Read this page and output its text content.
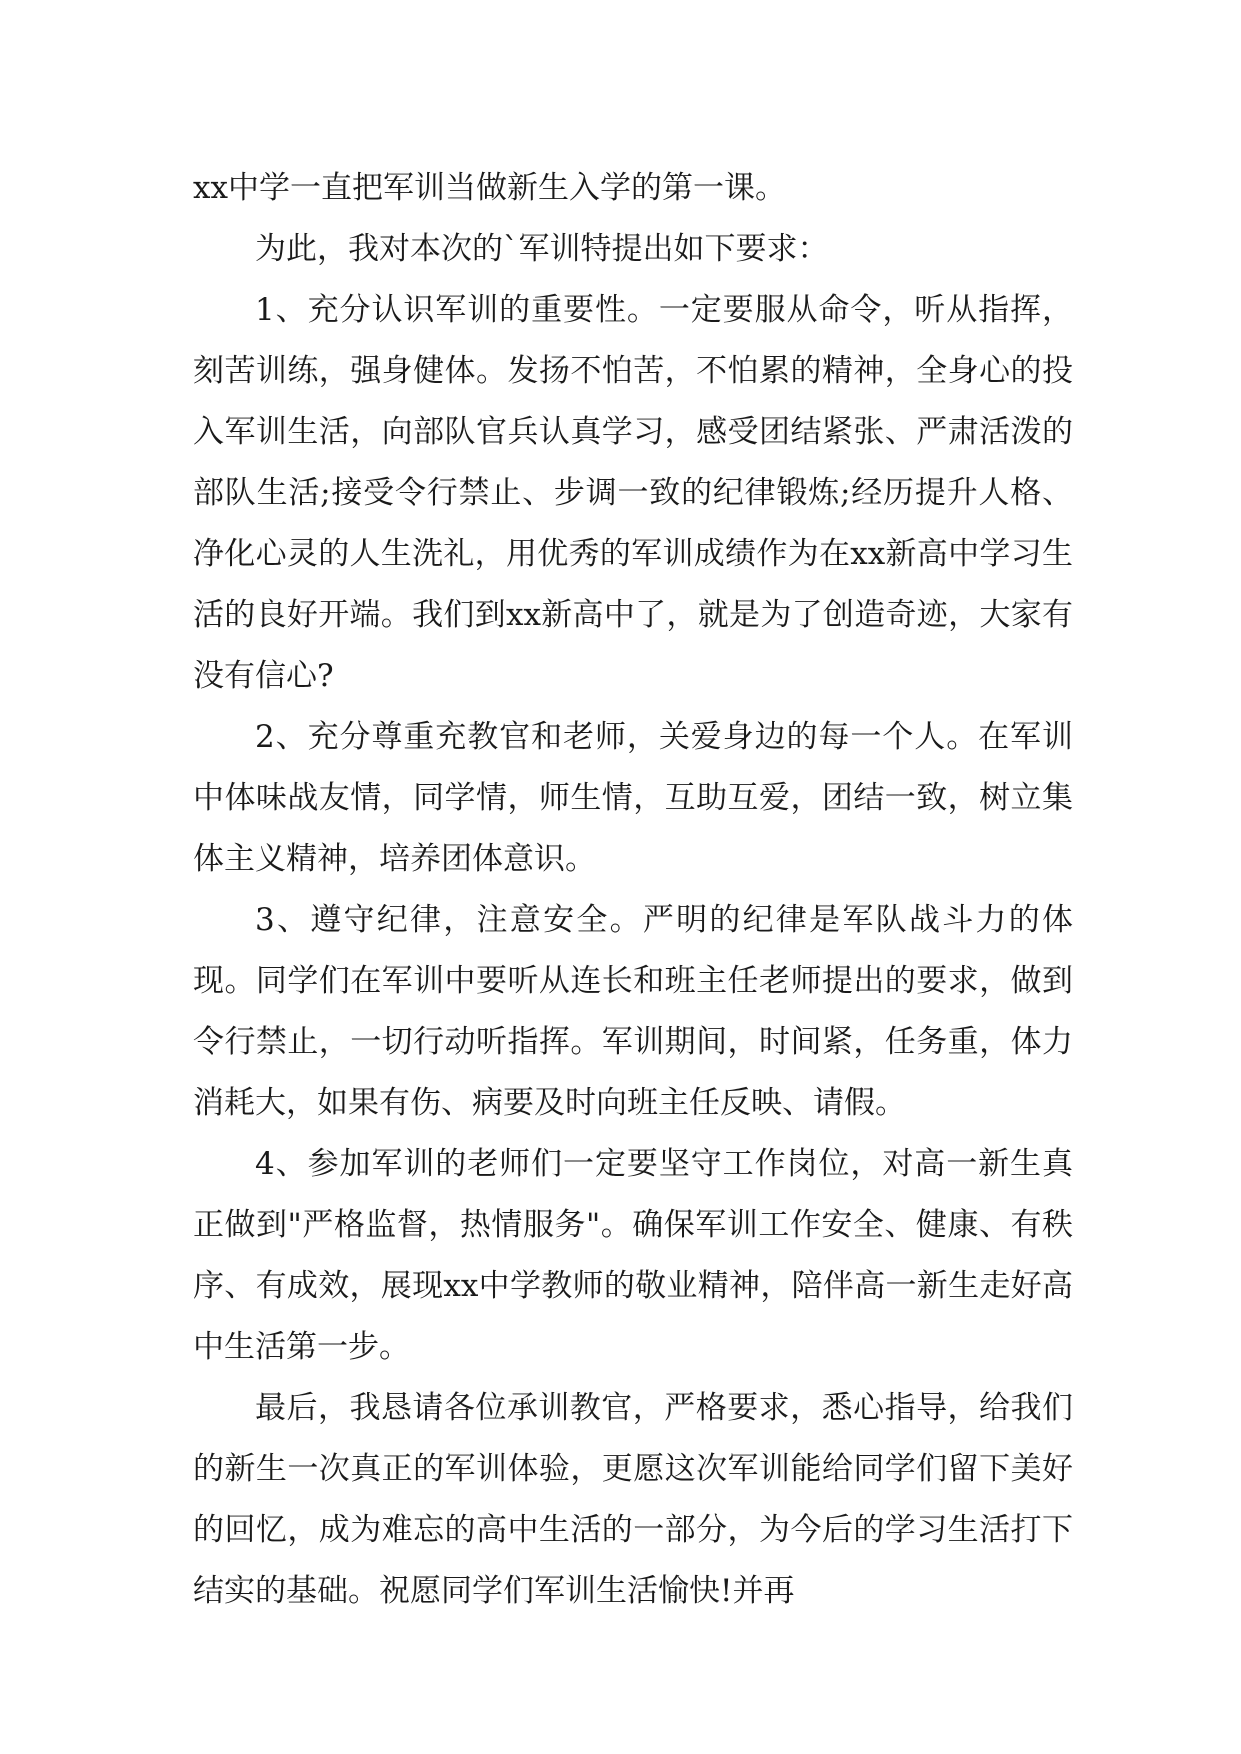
xx中学一直把军训当做新生入学的第一课。

为此，我对本次的`军训特提出如下要求：

1、充分认识军训的重要性。一定要服从命令，听从指挥，刻苦训练，强身健体。发扬不怕苦，不怕累的精神，全身心的投入军训生活，向部队官兵认真学习，感受团结紧张、严肃活泼的部队生活;接受令行禁止、步调一致的纪律锻炼;经历提升人格、净化心灵的人生洗礼，用优秀的军训成绩作为在xx新高中学习生活的良好开端。我们到xx新高中了，就是为了创造奇迹，大家有没有信心?

2、充分尊重充教官和老师，关爱身边的每一个人。在军训中体味战友情，同学情，师生情，互助互爱，团结一致，树立集体主义精神，培养团体意识。

3、遵守纪律，注意安全。严明的纪律是军队战斗力的体现。同学们在军训中要听从连长和班主任老师提出的要求，做到令行禁止，一切行动听指挥。军训期间，时间紧，任务重，体力消耗大，如果有伤、病要及时向班主任反映、请假。

4、参加军训的老师们一定要坚守工作岗位，对高一新生真正做到"严格监督，热情服务"。确保军训工作安全、健康、有秩序、有成效，展现xx中学教师的敬业精神，陪伴高一新生走好高中生活第一步。

最后，我恳请各位承训教官，严格要求，悉心指导，给我们的新生一次真正的军训体验，更愿这次军训能给同学们留下美好的回忆，成为难忘的高中生活的一部分，为今后的学习生活打下结实的基础。祝愿同学们军训生活愉快!并再
